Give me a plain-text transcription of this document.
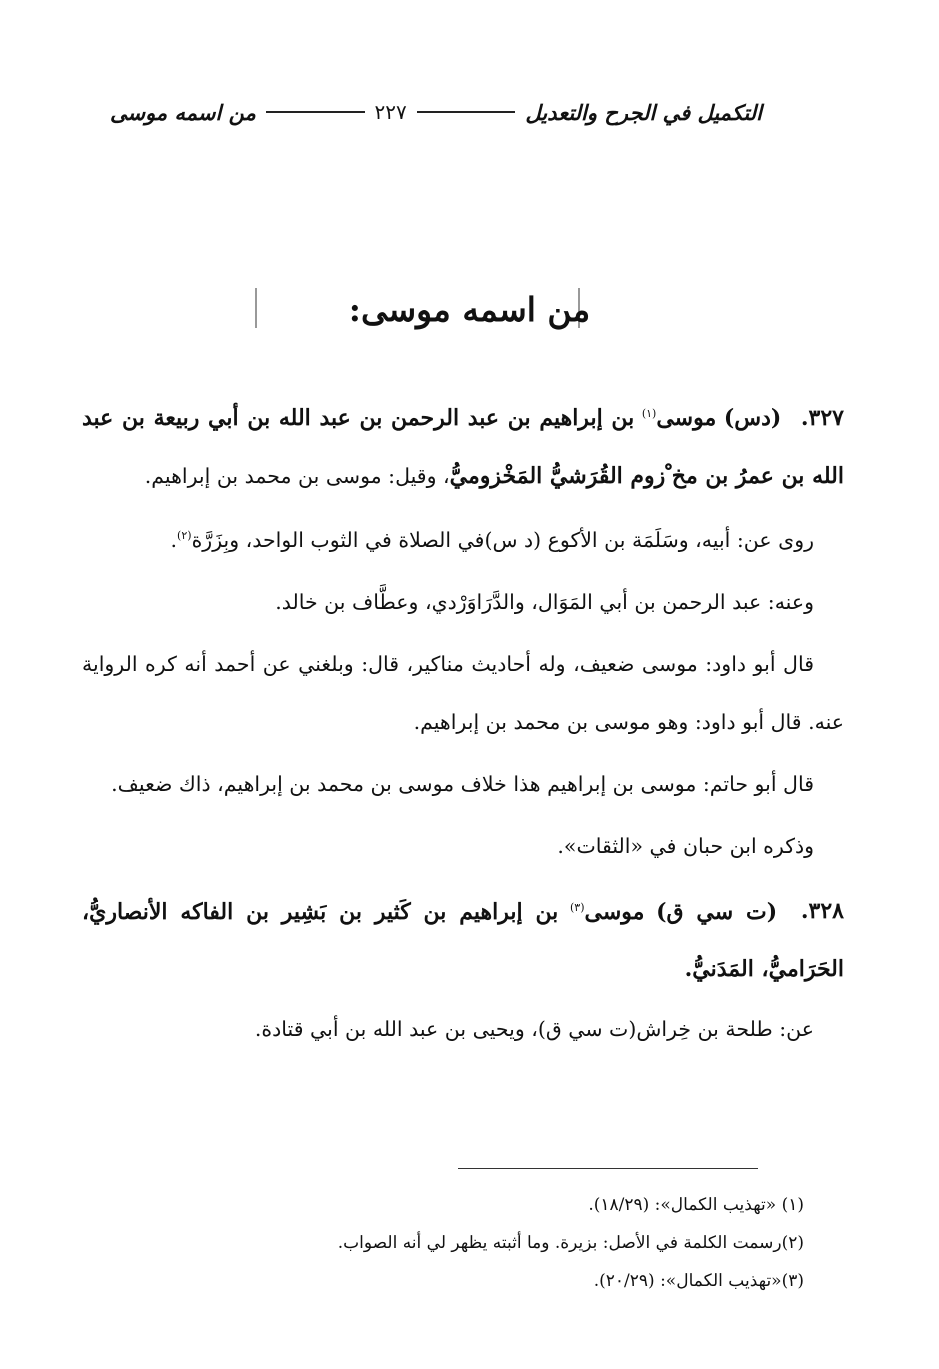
التكميل في الجرح والتعديل
٢٢٧
من اسمه موسى
من اسمه موسى:

٣٢٧. (دس) موسى$^{(١)}$ بن إبراهيم بن عبد الرحمن بن عبد الله بن أبي ربيعة بن عبد الله بن عمرُ بن مخ ْزوم القُرَشيُّ المَخْزوميُّ، وقيل: موسى بن محمد بن إبراهيم.

روى عن: أبيه، وسَلَمَة بن الأكوع (د س)في الصلاة في الثوب الواحد، وبِزَرَّة$^{(٢)}$.

وعنه: عبد الرحمن بن أبي المَوَال، والدَّرَاوَرْدي، وعطَّاف بن خالد.

قال أبو داود: موسى ضعيف، وله أحاديث مناكير، قال: وبلغني عن أحمد أنه كره الرواية عنه. قال أبو داود: وهو موسى بن محمد بن إبراهيم.

قال أبو حاتم: موسى بن إبراهيم هذا خلاف موسى بن محمد بن إبراهيم، ذاك ضعيف.

وذكره ابن حبان في «الثقات».

٣٢٨. (ت سي ق) موسى$^{(٣)}$ بن إبراهيم بن كَثير بن بَشِير بن الفاكه الأنصاريُّ، الحَرَاميُّ، المَدَنيُّ.

عن: طلحة بن خِراش(ت سي ق)، ويحيى بن عبد الله بن أبي قتادة.

(١) «تهذيب الكمال»: (١٨/٢٩).
(٢)رسمت الكلمة في الأصل: بزيرة. وما أثبته يظهر لي أنه الصواب.
(٣)«تهذيب الكمال»: (٢٠/٢٩).
